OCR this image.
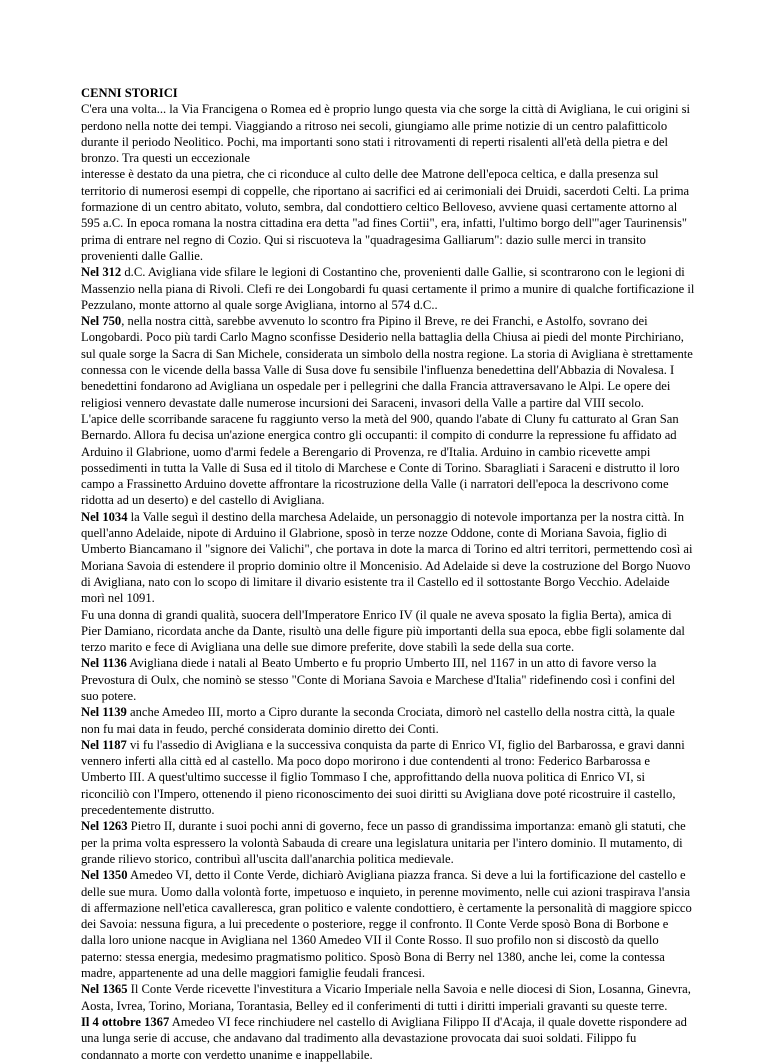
CENNI STORICI

C'era una volta... la Via Francigena o Romea ed è proprio lungo questa via che sorge la città di Avigliana, le cui origini si perdono nella notte dei tempi. Viaggiando a ritroso nei secoli, giungiamo alle prime notizie di un centro palafitticolo durante il periodo Neolitico. Pochi, ma importanti sono stati i ritrovamenti di reperti risalenti all'età della pietra e del bronzo. Tra questi un eccezionale

interesse è destato da una pietra, che ci riconduce al culto delle dee Matrone dell'epoca celtica, e dalla presenza sul territorio di numerosi esempi di coppelle, che riportano ai sacrifici ed ai cerimoniali dei Druidi, sacerdoti Celti. La prima formazione di un centro abitato, voluto, sembra, dal condottiero celtico Belloveso, avviene quasi certamente attorno al 595 a.C. In epoca romana la nostra cittadina era detta "ad fines Cortii", era, infatti, l'ultimo borgo dell'"ager Taurinensis" prima di entrare nel regno di Cozio. Qui si riscuoteva la "quadragesima Galliarum": dazio sulle merci in transito provenienti dalle Gallie.

Nel 312 d.C. Avigliana vide sfilare le legioni di Costantino che, provenienti dalle Gallie, si scontrarono con le legioni di Massenzio nella piana di Rivoli. Clefi re dei Longobardi fu quasi certamente il primo a munire di qualche fortificazione il Pezzulano, monte attorno al quale sorge Avigliana, intorno al 574 d.C..

Nel 750, nella nostra città, sarebbe avvenuto lo scontro fra Pipino il Breve, re dei Franchi, e Astolfo, sovrano dei Longobardi. Poco più tardi Carlo Magno sconfisse Desiderio nella battaglia della Chiusa ai piedi del monte Pirchiriano, sul quale sorge la Sacra di San Michele, considerata un simbolo della nostra regione. La storia di Avigliana è strettamente connessa con le vicende della bassa Valle di Susa dove fu sensibile l'influenza benedettina dell'Abbazia di Novalesa. I benedettini fondarono ad Avigliana un ospedale per i pellegrini che dalla Francia attraversavano le Alpi. Le opere dei religiosi vennero devastate dalle numerose incursioni dei Saraceni, invasori della Valle a partire dal VIII secolo.

L'apice delle scorribande saracene fu raggiunto verso la metà del 900, quando l'abate di Cluny fu catturato al Gran San Bernardo. Allora fu decisa un'azione energica contro gli occupanti: il compito di condurre la repressione fu affidato ad Arduino il Glabrione, uomo d'armi fedele a Berengario di Provenza, re d'Italia. Arduino in cambio ricevette ampi possedimenti in tutta la Valle di Susa ed il titolo di Marchese e Conte di Torino. Sbaragliati i Saraceni e distrutto il loro campo a Frassinetto Arduino dovette affrontare la ricostruzione della Valle (i narratori dell'epoca la descrivono come ridotta ad un deserto) e del castello di Avigliana.

Nel 1034 la Valle seguì il destino della marchesa Adelaide, un personaggio di notevole importanza per la nostra città. In quell'anno Adelaide, nipote di Arduino il Glabrione, sposò in terze nozze Oddone, conte di Moriana Savoia, figlio di Umberto Biancamano il "signore dei Valichi", che portava in dote la marca di Torino ed altri territori, permettendo così ai Moriana Savoia di estendere il proprio dominio oltre il Moncenisio. Ad Adelaide si deve la costruzione del Borgo Nuovo di Avigliana, nato con lo scopo di limitare il divario esistente tra il Castello ed il sottostante Borgo Vecchio. Adelaide morì nel 1091.

Fu una donna di grandi qualità, suocera dell'Imperatore Enrico IV (il quale ne aveva sposato la figlia Berta), amica di Pier Damiano, ricordata anche da Dante, risultò una delle figure più importanti della sua epoca, ebbe figli solamente dal terzo marito e fece di Avigliana una delle sue dimore preferite, dove stabilì la sede della sua corte.

Nel 1136 Avigliana diede i natali al Beato Umberto e fu proprio Umberto III, nel 1167 in un atto di favore verso la Prevostura di Oulx, che nominò se stesso "Conte di Moriana Savoia e Marchese d'Italia" ridefinendo così i confini del suo potere.

Nel 1139 anche Amedeo III, morto a Cipro durante la seconda Crociata, dimorò nel castello della nostra città, la quale non fu mai data in feudo, perché considerata dominio diretto dei Conti.

Nel 1187 vi fu l'assedio di Avigliana e la successiva conquista da parte di Enrico VI, figlio del Barbarossa, e gravi danni vennero inferti alla città ed al castello. Ma poco dopo morirono i due contendenti al trono: Federico Barbarossa e Umberto III. A quest'ultimo successe il figlio Tommaso I che, approfittando della nuova politica di Enrico VI, si riconciliò con l'Impero, ottenendo il pieno riconoscimento dei suoi diritti su Avigliana dove poté ricostruire il castello, precedentemente distrutto.

Nel 1263 Pietro II, durante i suoi pochi anni di governo, fece un passo di grandissima importanza: emanò gli statuti, che per la prima volta espressero la volontà Sabauda di creare una legislatura unitaria per l'intero dominio. Il mutamento, di grande rilievo storico, contribuì all'uscita dall'anarchia politica medievale.

Nel 1350 Amedeo VI, detto il Conte Verde, dichiarò Avigliana piazza franca. Si deve a lui la fortificazione del castello e delle sue mura. Uomo dalla volontà forte, impetuoso e inquieto, in perenne movimento, nelle cui azioni traspirava l'ansia di affermazione nell'etica cavalleresca, gran politico e valente condottiero, è certamente la personalità di maggiore spicco dei Savoia: nessuna figura, a lui precedente o posteriore, regge il confronto. Il Conte Verde sposò Bona di Borbone e dalla loro unione nacque in Avigliana nel 1360 Amedeo VII il Conte Rosso. Il suo profilo non si discostò da quello paterno: stessa energia, medesimo pragmatismo politico. Sposò Bona di Berry nel 1380, anche lei, come la contessa madre, appartenente ad una delle maggiori famiglie feudali francesi.

Nel 1365 Il Conte Verde ricevette l'investitura a Vicario Imperiale nella Savoia e nelle diocesi di Sion, Losanna, Ginevra, Aosta, Ivrea, Torino, Moriana, Torantasia, Belley ed il conferimenti di tutti i diritti imperiali gravanti su queste terre.

Il 4 ottobre 1367 Amedeo VI fece rinchiudere nel castello di Avigliana Filippo II d'Acaja, il quale dovette rispondere ad una lunga serie di accuse, che andavano dal tradimento alla devastazione provocata dai suoi soldati. Filippo fu condannato a morte con verdetto unanime e inappellabile.
